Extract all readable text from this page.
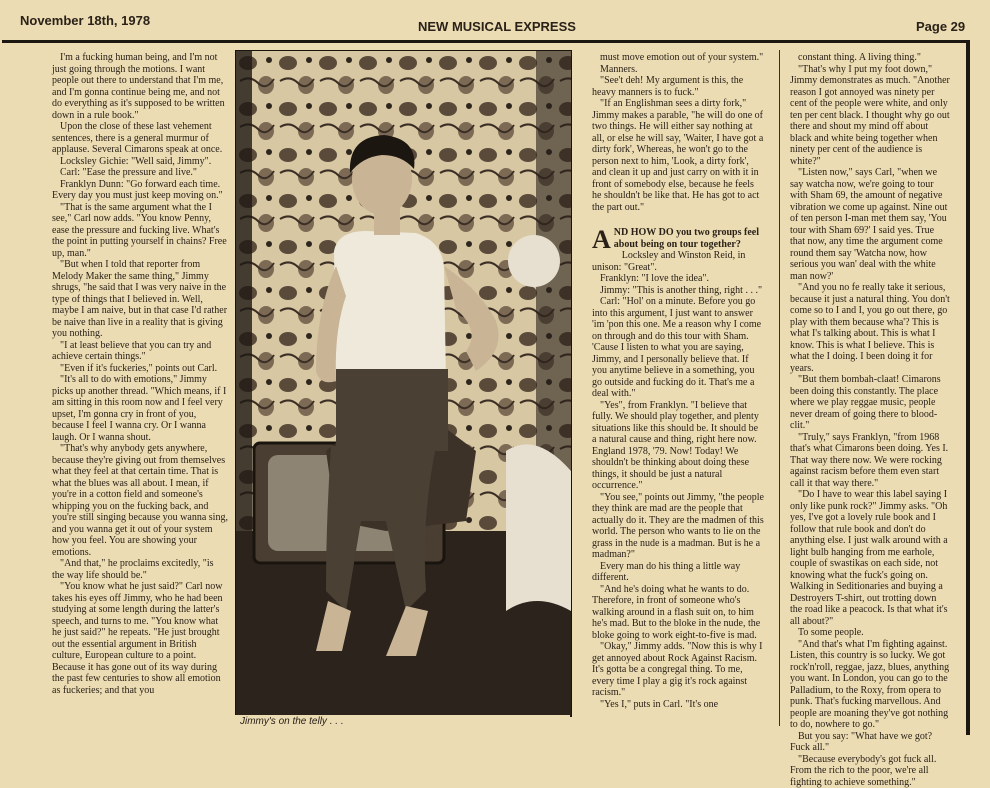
November 18th, 1978	NEW MUSICAL EXPRESS	Page 29

I'm a fucking human being, and I'm not just going through the motions. I want people out there to understand that I'm me, and I'm gonna continue being me, and not do everything as it's supposed to be written down in a rule book."

Upon the close of these last vehement sentences, there is a general murmur of applause. Several Cimarons speak at once.

Locksley Gichie: "Well said, Jimmy".

Carl: "Ease the pressure and live."

Franklyn Dunn: "Go forward each time. Every day you must just keep moving on."

"That is the same argument what the I see," Carl now adds. "You know Penny, ease the pressure and fucking live. What's the point in putting yourself in chains? Free up, man."

"But when I told that reporter from Melody Maker the same thing," Jimmy shrugs, "he said that I was very naive in the type of things that I believed in. Well, maybe I am naive, but in that case I'd rather be naive than live in a reality that is giving you nothing.

"I at least believe that you can try and achieve certain things."

"Even if it's fuckeries," points out Carl.

"It's all to do with emotions," Jimmy picks up another thread. "Which means, if I am sitting in this room now and I feel very upset, I'm gonna cry in front of you, because I feel I wanna cry. Or I wanna laugh. Or I wanna shout.

"That's why anybody gets anywhere, because they're giving out from themselves what they feel at that certain time. That is what the blues was all about. I mean, if you're in a cotton field and someone's whipping you on the fucking back, and you're still singing because you wanna sing, and you wanna get it out of your system how you feel. You are showing your emotions.

"And that," he proclaims excitedly, "is the way life should be."

"You know what he just said?" Carl now takes his eyes off Jimmy, who he had been studying at some length during the latter's speech, and turns to me. "You know what he just said?" he repeats. "He just brought out the essential argument in British culture, European culture to a point. Because it has gone out of its way during the past few centuries to show all emotion as fuckeries; and that you

Jimmy's on the telly . . .

must move emotion out of your system."

Manners.

"See't deh! My argument is this, the heavy manners is to fuck."

"If an Englishman sees a dirty fork," Jimmy makes a parable, "he will do one of two things. He will either say nothing at all, or else he will say, 'Waiter, I have got a dirty fork', Whereas, he won't go to the person next to him, 'Look, a dirty fork', and clean it up and just carry on with it in front of somebody else, because he feels he shouldn't be like that. He has got to act the part out."

AND HOW DO you two groups feel about being on tour together?

Locksley and Winston Reid, in unison: "Great".

Franklyn: "I love the idea".

Jimmy: "This is another thing, right . . ."

Carl: "Hol' on a minute. Before you go into this argument, I just want to answer 'im 'pon this one. Me a reason why I come on through and do this tour with Sham. 'Cause I listen to what you are saying, Jimmy, and I personally believe that. If you anytime believe in a something, you go outside and fucking do it. That's me a deal with."

"Yes", from Franklyn. "I believe that fully. We should play together, and plenty situations like this should be. It should be a natural cause and thing, right here now. England 1978, '79. Now! Today! We shouldn't be thinking about doing these things, it should be just a natural occurrence."

"You see," points out Jimmy, "the people they think are mad are the people that actually do it. They are the madmen of this world. The person who wants to lie on the grass in the nude is a madman. But is he a madman?"

Every man do his thing a little way different.

"And he's doing what he wants to do. Therefore, in front of someone who's walking around in a flash suit on, to him he's mad. But to the bloke in the nude, the bloke going to work eight-to-five is mad.

"Okay," Jimmy adds. "Now this is why I get annoyed about Rock Against Racism. It's gotta be a congregal thing. To me, every time I play a gig it's rock against racism."

"Yes I," puts in Carl. "It's one

constant thing. A living thing."

"That's why I put my foot down," Jimmy demonstrates as much. "Another reason I got annoyed was ninety per cent of the people were white, and only ten per cent black. I thought why go out there and shout my mind off about black and white being together when ninety per cent of the audience is white?"

"Listen now," says Carl, "when we say watcha now, we're going to tour with Sham 69, the amount of negative vibration we come up against. Nine out of ten person I-man met them say, 'You tour with Sham 69?' I said yes. True that now, any time the argument come round them say 'Watcha now, how serious you wan' deal with the white man now?'

"And you no fe really take it serious, because it just a natural thing. You don't come so to I and I, you go out there, go play with them because wha'? This is what I's talking about. This is what I know. This is what I believe. This is what the I doing. I been doing it for years.

"But them bombah-claat! Cimarons been doing this constantly. The place where we play reggae music, people never dream of going there to blood-clit."

"Truly," says Franklyn, "from 1968 that's what Cimarons been doing. Yes I. That way there now. We were rocking against racism before them even start call it that way there."

"Do I have to wear this label saying I only like punk rock?" Jimmy asks. "Oh yes, I've got a lovely rule book and I follow that rule book and don't do anything else. I just walk around with a light bulb hanging from me earhole, couple of swastikas on each side, not knowing what the fuck's going on. Walking in Seditionaries and buying a Destroyers T-shirt, out trotting down the road like a peacock. Is that what it's all about?"

To some people.

"And that's what I'm fighting against. Listen, this country is so lucky. We got rock'n'roll, reggae, jazz, blues, anything you want. In London, you can go to the Palladium, to the Roxy, from opera to punk. That's fucking marvellous. And people are moaning they've got nothing to do, nowhere to go."

But you say: "What have we got? Fuck all."

"Because everybody's got fuck all. From the rich to the poor, we're all fighting to achieve something."
